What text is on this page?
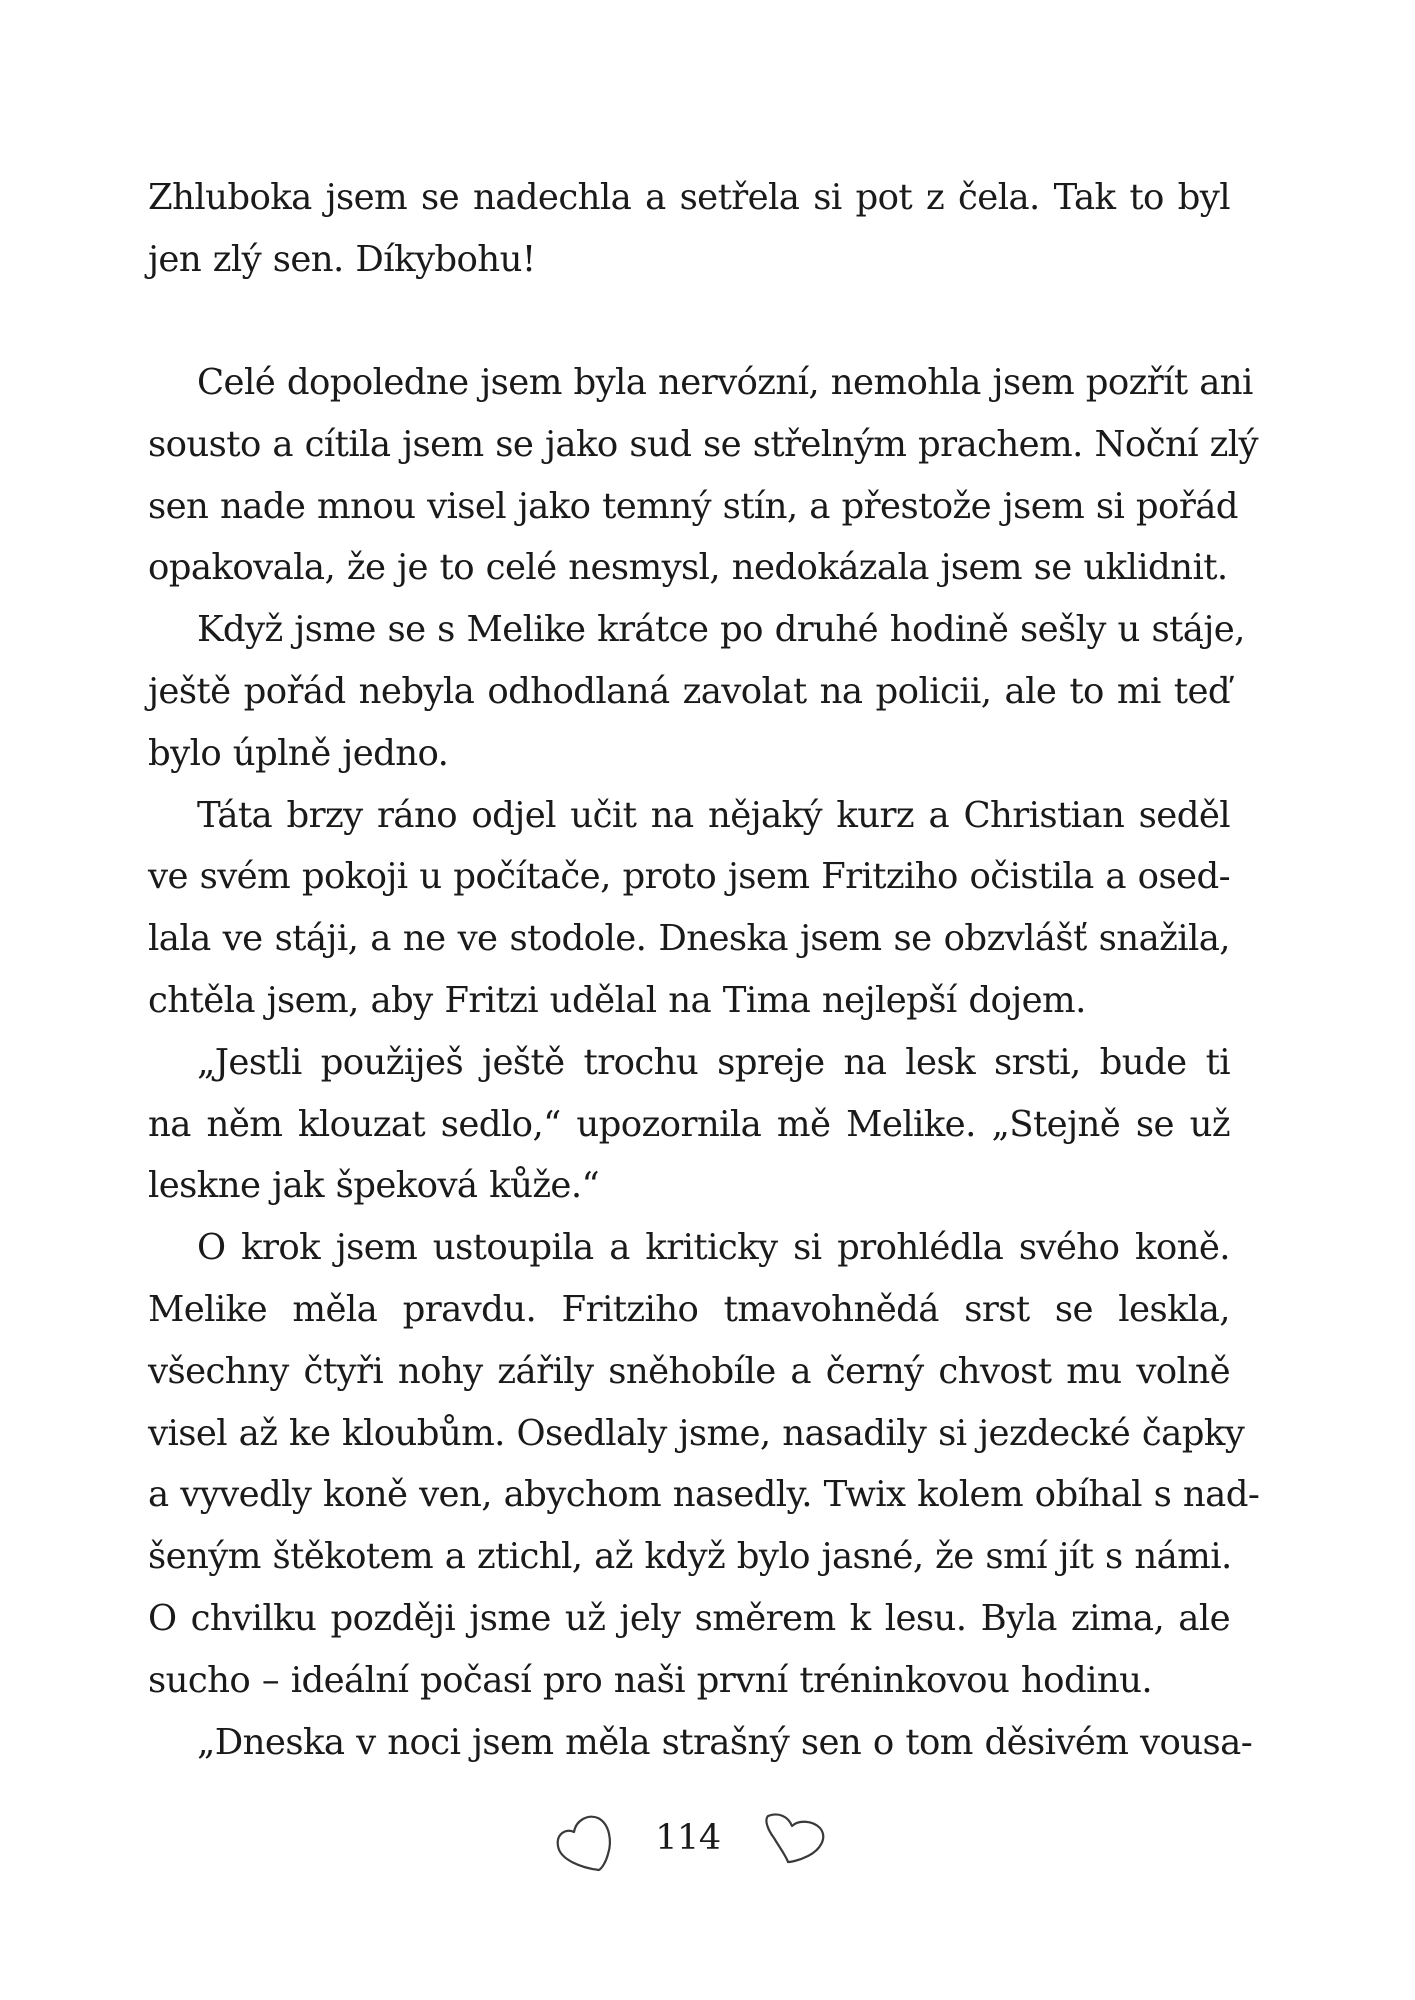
Zhluboka jsem se nadechla a setřela si pot z čela. Tak to byl
jen zlý sen. Díkybohu!
Celé dopoledne jsem byla nervózní, nemohla jsem pozřít ani
sousto a cítila jsem se jako sud se střelným prachem. Noční zlý
sen nade mnou visel jako temný stín, a přestože jsem si pořád
opakovala, že je to celé nesmysl, nedokázala jsem se uklidnit.
Když jsme se s Melike krátce po druhé hodině sešly u stáje,
ještě pořád nebyla odhodlaná zavolat na policii, ale to mi teď
bylo úplně jedno.
Táta brzy ráno odjel učit na nějaký kurz a Christian seděl
ve svém pokoji u počítače, proto jsem Fritziho očistila a osed-
lala ve stáji, a ne ve stodole. Dneska jsem se obzvlášť snažila,
chtěla jsem, aby Fritzi udělal na Tima nejlepší dojem.
„Jestli použiješ ještě trochu spreje na lesk srsti, bude ti
na něm klouzat sedlo,“ upozornila mě Melike. „Stejně se už
leskne jak špeková kůže.“
O krok jsem ustoupila a kriticky si prohlédla svého koně.
Melike měla pravdu. Fritziho tmavohnědá srst se leskla,
všechny čtyři nohy zářily sněhobíle a černý chvost mu volně
visel až ke kloubům. Osedlaly jsme, nasadily si jezdecké čapky
a vyvedly koně ven, abychom nasedly. Twix kolem obíhal s nad-
šeným štěkotem a ztichl, až když bylo jasné, že smí jít s námi.
O chvilku později jsme už jely směrem k lesu. Byla zima, ale
sucho – ideální počasí pro naši první tréninkovou hodinu.
„Dneska v noci jsem měla strašný sen o tom děsivém vousa-
114
